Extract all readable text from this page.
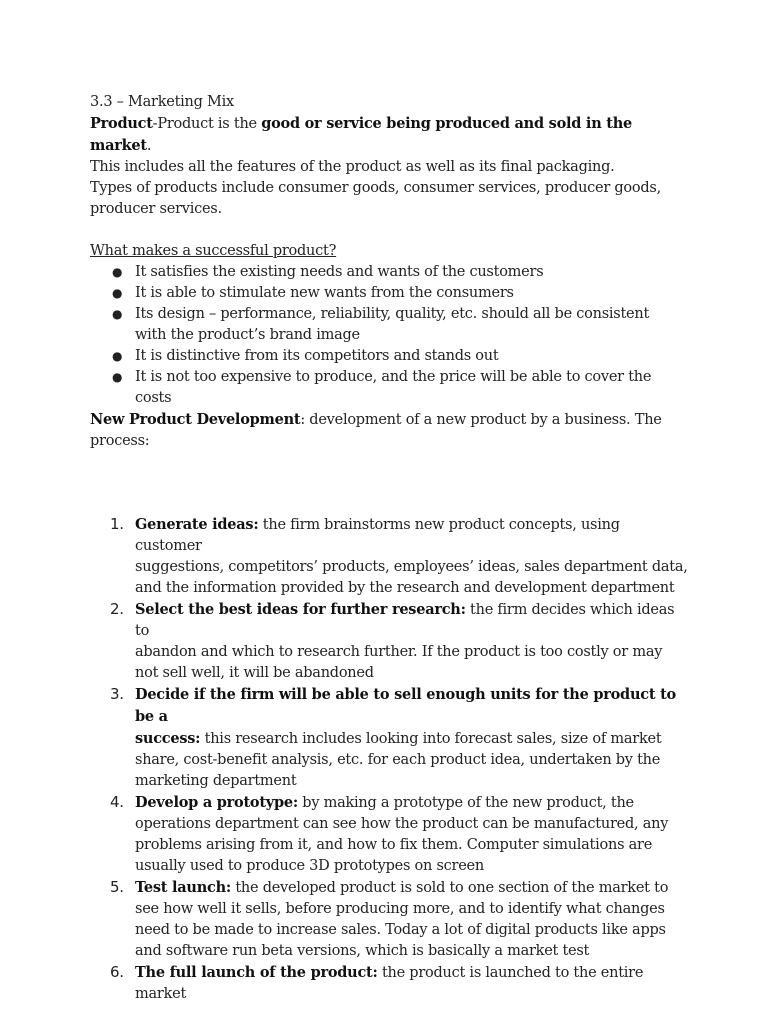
3.3 – Marketing Mix
Product-Product is the good or service being produced and sold in the market.
This includes all the features of the product as well as its final packaging.
Types of products include consumer goods, consumer services, producer goods,
producer services.
What makes a successful product?
● It satisfies the existing needs and wants of the customers
● It is able to stimulate new wants from the consumers
● Its design – performance, reliability, quality, etc. should all be consistent
with the product’s brand image
● It is distinctive from its competitors and stands out
● It is not too expensive to produce, and the price will be able to cover the
costs
New Product Development: development of a new product by a business. The
process:
1. Generate ideas: the firm brainstorms new product concepts, using customer
suggestions, competitors’ products, employees’ ideas, sales department data,
and the information provided by the research and development department
2. Select the best ideas for further research: the firm decides which ideas to
abandon and which to research further. If the product is too costly or may
not sell well, it will be abandoned
3. Decide if the firm will be able to sell enough units for the product to be a
success: this research includes looking into forecast sales, size of market
share, cost-benefit analysis, etc. for each product idea, undertaken by the
marketing department
4. Develop a prototype: by making a prototype of the new product, the
operations department can see how the product can be manufactured, any
problems arising from it, and how to fix them. Computer simulations are
usually used to produce 3D prototypes on screen
5. Test launch: the developed product is sold to one section of the market to
see how well it sells, before producing more, and to identify what changes
need to be made to increase sales. Today a lot of digital products like apps
and software run beta versions, which is basically a market test
6. The full launch of the product: the product is launched to the entire market
